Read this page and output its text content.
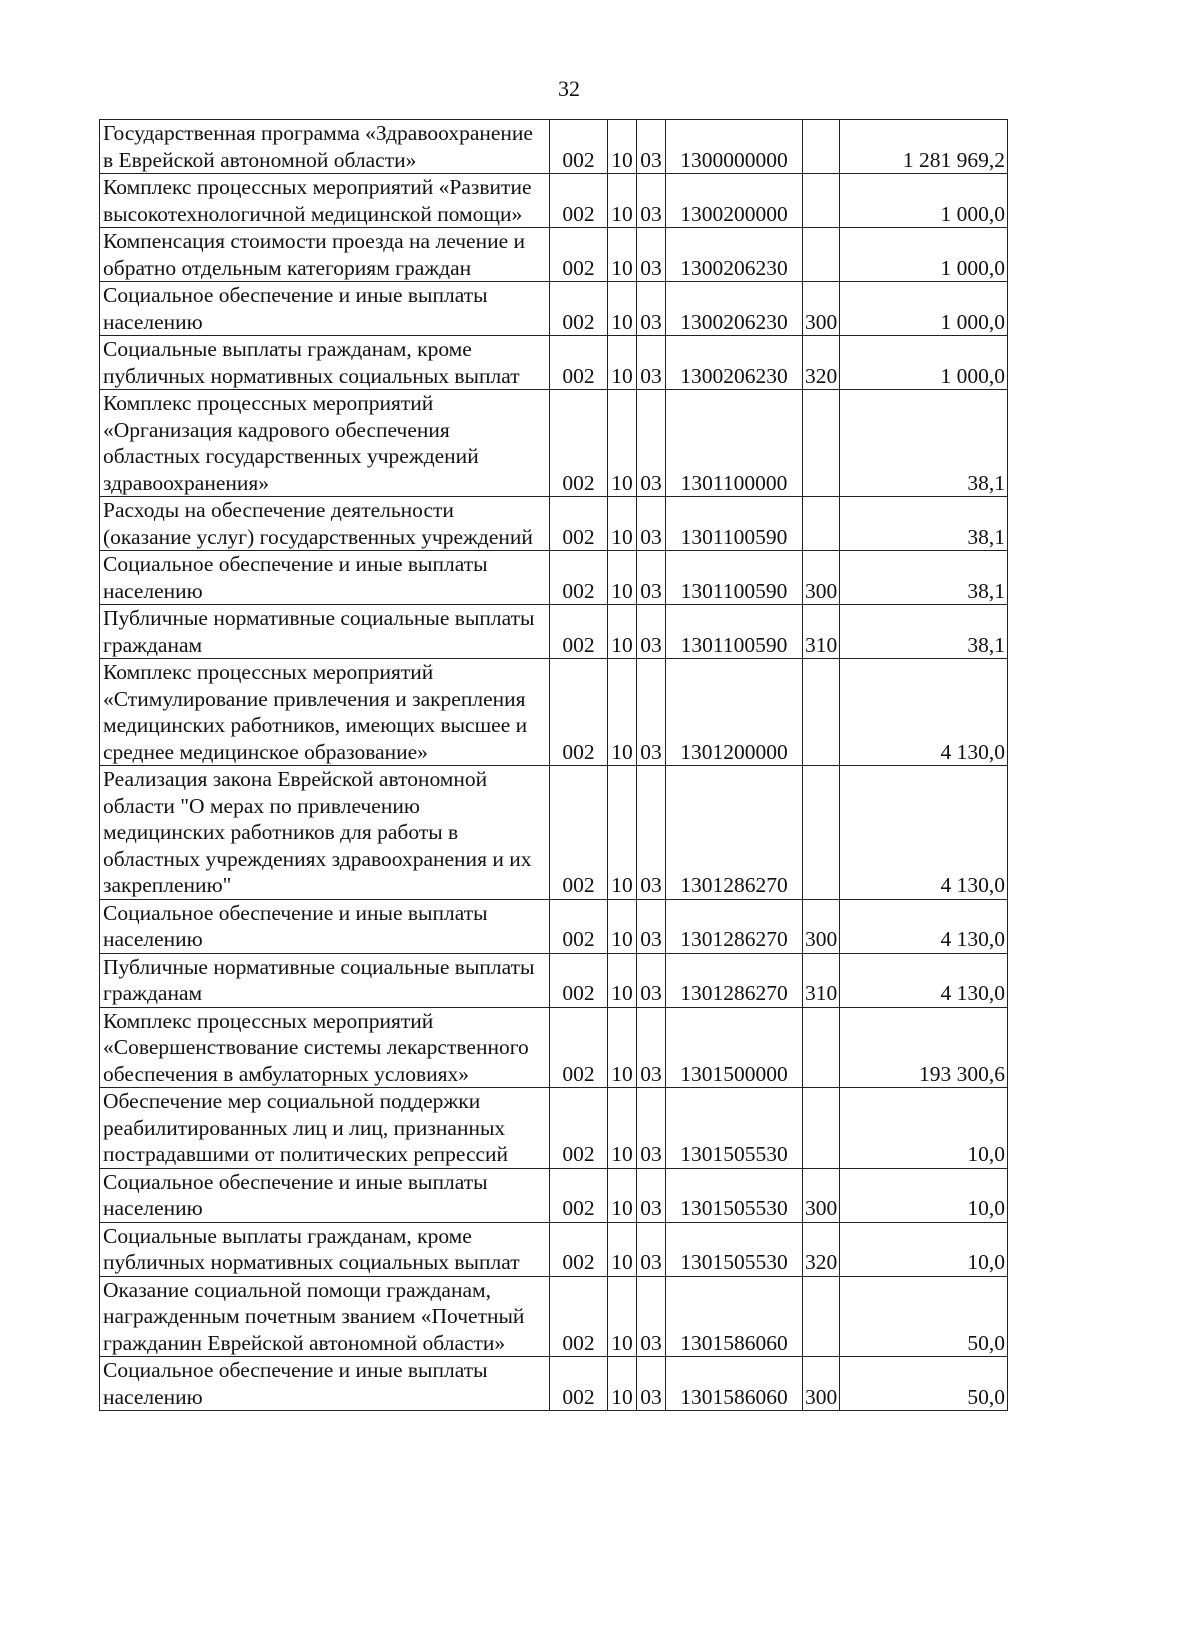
32
Государственная программа «Здравоохранение в Еврейской автономной области»	002	10	03	1300000000		1 281 969,2
Комплекс процессных мероприятий «Развитие высокотехнологичной медицинской помощи»	002	10	03	1300200000		1 000,0
Компенсация стоимости проезда на лечение и обратно отдельным категориям граждан	002	10	03	1300206230		1 000,0
Социальное обеспечение и иные выплаты населению	002	10	03	1300206230	300	1 000,0
Социальные выплаты гражданам, кроме публичных нормативных социальных выплат	002	10	03	1300206230	320	1 000,0
Комплекс процессных мероприятий «Организация кадрового обеспечения областных государственных учреждений здравоохранения»	002	10	03	1301100000		38,1
Расходы на обеспечение деятельности (оказание услуг) государственных учреждений	002	10	03	1301100590		38,1
Социальное обеспечение и иные выплаты населению	002	10	03	1301100590	300	38,1
Публичные нормативные социальные выплаты гражданам	002	10	03	1301100590	310	38,1
Комплекс процессных мероприятий «Стимулирование привлечения и закрепления медицинских работников, имеющих высшее и среднее медицинское образование»	002	10	03	1301200000		4 130,0
Реализация закона Еврейской автономной области "О мерах по привлечению медицинских работников для работы в областных учреждениях здравоохранения и их закреплению"	002	10	03	1301286270		4 130,0
Социальное обеспечение и иные выплаты населению	002	10	03	1301286270	300	4 130,0
Публичные нормативные социальные выплаты гражданам	002	10	03	1301286270	310	4 130,0
Комплекс процессных мероприятий «Совершенствование системы лекарственного обеспечения в амбулаторных условиях»	002	10	03	1301500000		193 300,6
Обеспечение мер социальной поддержки реабилитированных лиц и лиц, признанных пострадавшими от политических репрессий	002	10	03	1301505530		10,0
Социальное обеспечение и иные выплаты населению	002	10	03	1301505530	300	10,0
Социальные выплаты гражданам, кроме публичных нормативных социальных выплат	002	10	03	1301505530	320	10,0
Оказание социальной помощи гражданам, награжденным почетным званием «Почетный гражданин Еврейской автономной области»	002	10	03	1301586060		50,0
Социальное обеспечение и иные выплаты населению	002	10	03	1301586060	300	50,0
